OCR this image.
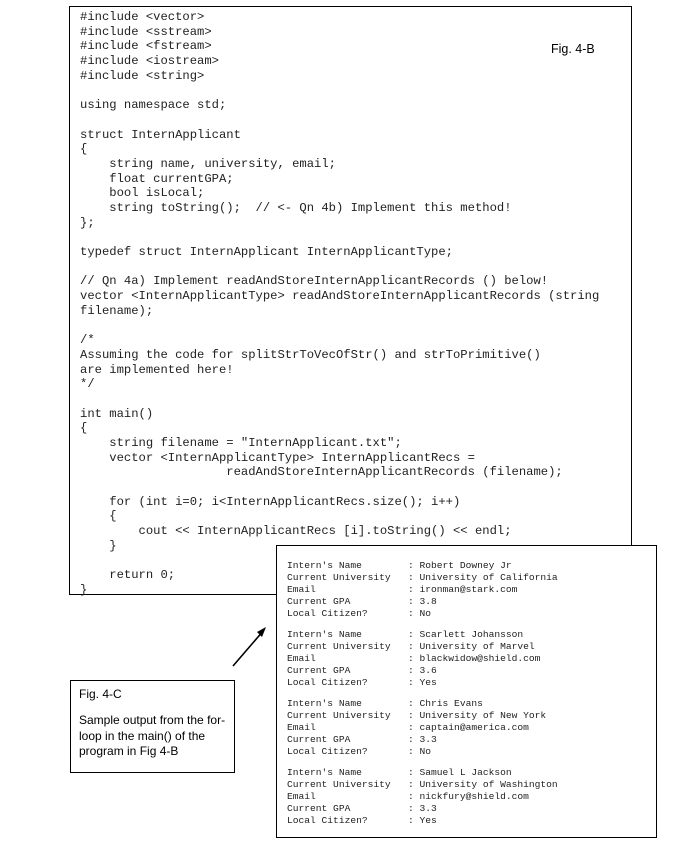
#include <vector>
#include <sstream>
#include <fstream>
#include <iostream>
#include <string>
using namespace std;
struct InternApplicant
{
string name, university, email;
float currentGPA;
bool isLocal;
string toString();  // <- Qn 4b) Implement this method!
};
typedef struct InternApplicant InternApplicantType;
// Qn 4a) Implement readAndStoreInternApplicantRecords () below!
vector <InternApplicantType> readAndStoreInternApplicantRecords (string
filename);
/*
Assuming the code for splitStrToVecOfStr() and strToPrimitive()
are implemented here!
*/
int main()
{
string filename = "InternApplicant.txt";
vector <InternApplicantType> InternApplicantRecs =
readAndStoreInternApplicantRecords (filename);
for (int i=0; i<InternApplicantRecs.size(); i++)
{
cout << InternApplicantRecs [i].toString() << endl;
}
return 0;
}
Fig. 4-B
Intern's Name	: Robert Downey Jr
Current University : University of California
Email	: ironman@stark.com
Current GPA	: 3.8
Local Citizen?	: No
Intern's Name	: Scarlett Johansson
Current University : University of Marvel
Email	: blackwidow@shield.com
Current GPA	: 3.6
Local Citizen?	: Yes
Intern's Name	: Chris Evans
Current University : University of New York
Email	: captain@america.com
Current GPA	: 3.3
Local Citizen?	: No
Intern's Name	: Samuel L Jackson
Current University : University of Washington
Email	: nickfury@shield.com
Current GPA	: 3.3
Local Citizen?	: Yes
Fig. 4-C
Sample output from the for-loop in the main() of the program in Fig 4-B
